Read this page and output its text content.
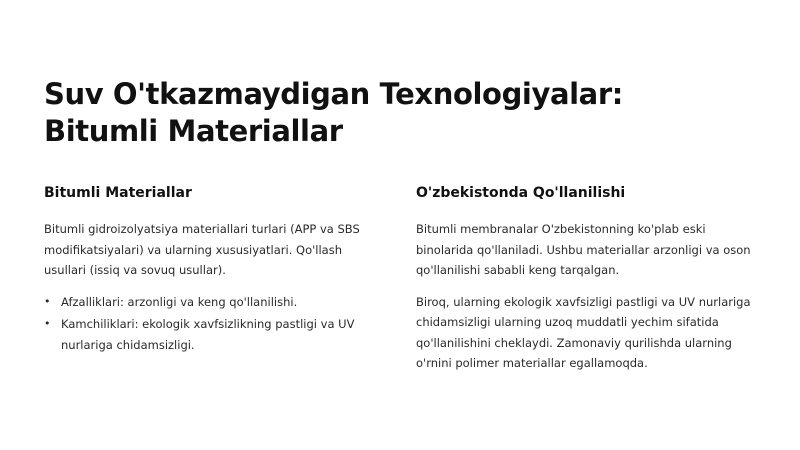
Suv O'tkazmaydigan Texnologiyalar: Bitumli Materiallar
Bitumli Materiallar

Bitumli gidroizolyatsiya materiallari turlari (APP va SBS modifikatsiyalari) va ularning xususiyatlari. Qo'llash usullari (issiq va sovuq usullar).

• Afzalliklari: arzonligi va keng qo'llanilishi.
• Kamchiliklari: ekologik xavfsizlikning pastligi va UV nurlariga chidamsizligi.
O'zbekistonda Qo'llanilishi

Bitumli membranalar O'zbekistonning ko'plab eski binolarida qo'llaniladi. Ushbu materiallar arzonligi va oson qo'llanilishi sababli keng tarqalgan.

Biroq, ularning ekologik xavfsizligi pastligi va UV nurlariga chidamsizligi ularning uzoq muddatli yechim sifatida qo'llanilishini cheklaydi. Zamonaviy qurilishda ularning o'rnini polimer materiallar egallamoqda.
